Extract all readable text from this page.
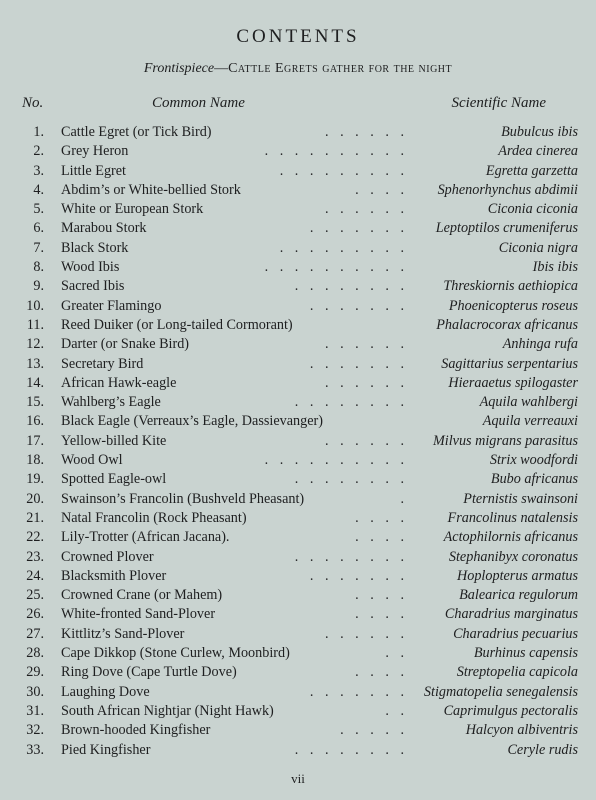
CONTENTS
Frontispiece—Cattle Egrets gather for the night
No.	Common Name	Scientific Name
1. Cattle Egret (or Tick Bird)	. . . . . .	Bubulcus ibis
2. Grey Heron	. . . . . . . . . .	Ardea cinerea
3. Little Egret	. . . . . . . . .	Egretta garzetta
4. Abdim’s or White-bellied Stork	. . . . Sphenorhynchus abdimii
5. White or European Stork	. . . . . .	Ciconia ciconia
6. Marabou Stork	. . . . . . . Leptoptilos crumeniferus
7. Black Stork	. . . . . . . . .	Ciconia nigra
8. Wood Ibis	. . . . . . . . . .	Ibis ibis
9. Sacred Ibis	. . . . . . . . Threskiornis aethiopica
10. Greater Flamingo	. . . . . . .	Phoenicopterus roseus
11. Reed Duiker (or Long-tailed Cormorant)	Phalacrocorax africanus
12. Darter (or Snake Bird)	. . . . . .	Anhinga rufa
13. Secretary Bird	. . . . . . . Sagittarius serpentarius
14. African Hawk-eagle	. . . . . .	Hieraaetus spilogaster
15. Wahlberg’s Eagle	. . . . . . . .	Aquila wahlbergi
16. Black Eagle (Verreaux’s Eagle, Dassievanger)	Aquila verreauxi
17. Yellow-billed Kite	. . . . . . Milvus migrans parasitus
18. Wood Owl	. . . . . . . . . .	Strix woodfordi
19. Spotted Eagle-owl	. . . . . . . .	Bubo africanus
20. Swainson’s Francolin (Bushveld Pheasant)	.	Pternistis swainsoni
21. Natal Francolin (Rock Pheasant)	. . . .	Francolinus natalensis
22. Lily-Trotter (African Jacana).	. . . .	Actophilornis africanus
23. Crowned Plover	. . . . . . . .	Stephanibyx coronatus
24. Blacksmith Plover	. . . . . . .	Hoplopterus armatus
25. Crowned Crane (or Mahem)	. . . .	Balearica regulorum
26. White-fronted Sand-Plover	. . . .	Charadrius marginatus
27. Kittlitz’s Sand-Plover	. . . . . .	Charadrius pecuarius
28. Cape Dikkop (Stone Curlew, Moonbird)	. .	Burhinus capensis
29. Ring Dove (Cape Turtle Dove)	. . . .	Streptopelia capicola
30. Laughing Dove	. . . . . . . Stigmatopelia senegalensis
31. South African Nightjar (Night Hawk)	. .	Caprimulgus pectoralis
32. Brown-hooded Kingfisher	. . . . .	Halcyon albiventris
33. Pied Kingfisher	. . . . . . . .	Ceryle rudis
vii
